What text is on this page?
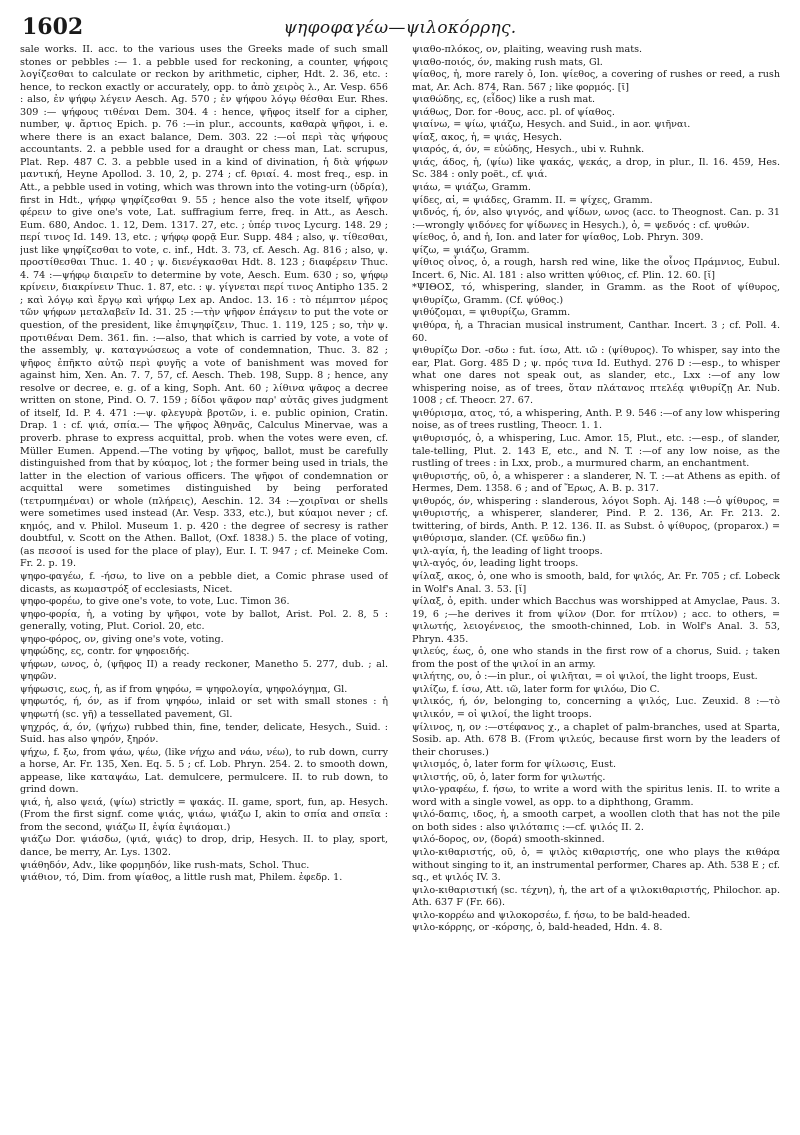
1602	ψηφοφαγέω—ψιλοκόρρης.

sale works. II. acc. to the various uses the Greeks made of such small stones or pebbles :— 1. a pebble used for reckoning, a counter, ψήφοις λογίζεσθαι to calculate or reckon by arithmetic, cipher, Hdt. 2. 36, etc. : hence, to reckon exactly or accurately, opp. to ἀπὸ χειρὸς λ., Ar. Vesp. 656 : also, ἐν ψήφῳ λέγειν Aesch. Ag. 570 ; ἐν ψήφου λόγῳ θέσθαι Eur. Rhes. 309 :— ψήφους τιθέναι Dem. 304. 4 : hence, ψῆφος itself for a cipher, number, ψ. ἄρτιος Epich. p. 76 :—in plur., accounts, καθαρὰ ψῆφοι, i. e. where there is an exact balance, Dem. 303. 22 :—οἱ περὶ τὰς ψήφους accountants. 2. a pebble used for a draught or chess man, Lat. scrupus, Plat. Rep. 487 C. 3. a pebble used in a kind of divination, ἡ διὰ ψήφων μαντική, Heyne Apollod. 3. 10, 2, p. 274 ; cf. θριαί. 4. most freq., esp. in Att., a pebble used in voting, which was thrown into the voting-urn (ὑδρία), first in Hdt., ψήφῳ ψηφίζεσθαι 9. 55 ; hence also the vote itself, ψῆφον φέρειν to give one's vote, Lat. suffragium ferre, freq. in Att., as Aesch. Eum. 680, Andoc. 1. 12, Dem. 1317. 27, etc. ; ὑπέρ τινος Lycurg. 148. 29 ; περί τινος Id. 149. 13, etc. ; ψήφῳ φορᾷ Eur. Supp. 484 ; also, ψ. τίθεσθαι, just like ψηφίζεσθαι to vote, c. inf., Hdt. 3. 73, cf. Aesch. Ag. 816 ; also, ψ. προστίθεσθαι Thuc. 1. 40 ; ψ. διενέγκασθαι Hdt. 8. 123 ; διαφέρειν Thuc. 4. 74 :—ψήφῳ διαιρεῖν to determine by vote, Aesch. Eum. 630 ; so, ψήφῳ κρίνειν, διακρίνειν Thuc. 1. 87, etc. : ψ. γίγνεται περί τινος Antipho 135. 2 ; καὶ λόγῳ καὶ ἔργῳ καὶ ψήφῳ Lex ap. Andoc. 13. 16 : τὸ πέμπτον μέρος τῶν ψήφων μεταλαβεῖν Id. 31. 25 :—τὴν ψῆφον ἐπάγειν to put the vote or question, of the president, like ἐπιψηφίζειν, Thuc. 1. 119, 125 ; so, τὴν ψ. προτιθέναι Dem. 361. fin. :—also, that which is carried by vote, a vote of the assembly, ψ. καταγνώσεως a vote of condemnation, Thuc. 3. 82 ; ψῆφος ἐπῆκτο αὐτῷ περὶ φυγῆς a vote of banishment was moved for against him, Xen. An. 7. 7, 57, cf. Aesch. Theb. 198, Supp. 8 ; hence, any resolve or decree, e. g. of a king, Soph. Ant. 60 ; λίθινα ψᾶφος a decree written on stone, Pind. O. 7. 159 ; δίδοι ψᾶφον παρ' αὐτᾶς gives judgment of itself, Id. P. 4. 471 :—ψ. φλεγυρὰ βροτῶν, i. e. public opinion, Cratin. Drap. 1 : cf. ψιά, σπία.— The ψῆφος Ἀθηνᾶς, Calculus Minervae, was a proverb. phrase to express acquittal, prob. when the votes were even, cf. Müller Eumen. Append.—The voting by ψῆφος, ballot, must be carefully distinguished from that by κύαμος, lot ; the former being used in trials, the latter in the election of various officers. The ψῆφοι of condemnation or acquittal were sometimes distinguished by being perforated (τετρυπημέναι) or whole (πλήρεις), Aeschin. 12. 34 :—χοιρῖναι or shells were sometimes used instead (Ar. Vesp. 333, etc.), but κύαμοι never ; cf. κημός, and v. Philol. Museum 1. p. 420 : the degree of secresy is rather doubtful, v. Scott on the Athen. Ballot, (Oxf. 1838.) 5. the place of voting, (as πεσσοί is used for the place of play), Eur. I. T. 947 ; cf. Meineke Com. Fr. 2. p. 19.

ψηφο-φαγέω, f. -ήσω, to live on a pebble diet, a Comic phrase used of dicasts, as κωμαστρόξ of ecclesiasts, Nicet.

ψηφο-φορέω, to give one's vote, to vote, Luc. Timon 36.

ψηφο-φορία, ἡ, a voting by ψῆφοι, vote by ballot, Arist. Pol. 2. 8, 5 : generally, voting, Plut. Coriol. 20, etc.

ψηφο-φόρος, ον, giving one's vote, voting.

ψηφώδης, ες, contr. for ψηφοειδής.

ψήφων, ωνος, ὁ, (ψῆφος II) a ready reckoner, Manetho 5. 277, dub. ; al. ψηφῶν.

ψήφωσις, εως, ἡ, as if from ψηφόω, = ψηφολογία, ψηφολόγημα, Gl.

ψηφωτός, ή, όν, as if from ψηφόω, inlaid or set with small stones : ἡ ψηφωτή (sc. γῆ) a tessellated pavement, Gl.

ψηχρός, ά, όν, (ψήχω) rubbed thin, fine, tender, delicate, Hesych., Suid. : Suid. has also ψηρόν, ξηρόν.

ψήχω, f. ξω, from ψάω, ψέω, (like νήχω and νάω, νέω), to rub down, curry a horse, Ar. Fr. 135, Xen. Eq. 5. 5 ; cf. Lob. Phryn. 254. 2. to smooth down, appease, like καταψάω, Lat. demulcere, permulcere. II. to rub down, to grind down.

ψιά, ἡ, also ψειά, (ψίω) strictly = ψακάς. II. game, sport, fun, ap. Hesych. (From the first signf. come ψιάς, ψιάω, ψιάζω I, akin to σπία and σπεῖα : from the second, ψιάζω II, ἐψία ἐψιάομαι.)

ψιάζω Dor. ψιάσδω, (ψιά, ψιάς) to drop, drip, Hesych. II. to play, sport, dance, be merry, Ar. Lys. 1302.

ψιάθηδόν, Adv., like φορμηδόν, like rush-mats, Schol. Thuc.

ψιάθιον, τό, Dim. from ψίαθος, a little rush mat, Philem. ἐφεδρ. 1.

ψιαθο-πλόκος, ον, plaiting, weaving rush mats.

ψιαθο-ποιός, όν, making rush mats, Gl.

ψίαθος, ἡ, more rarely ὁ, Ion. ψίεθος, a covering of rushes or reed, a rush mat, Ar. Ach. 874, Ran. 567 ; like φορμός. [ῑ]

ψιαθώδης, ες, (εἶδος) like a rush mat.

ψιάθως, Dor. for -θους, acc. pl. of ψίαθος.

ψιαίνω, = ψίω, ψιάζω, Hesych. and Suid., in aor. ψιῆναι.

ψίαξ, ακος, ἡ, = ψιάς, Hesych.

ψιαρός, ά, όν, = εὐώδης, Hesych., ubi v. Ruhnk.

ψιάς, άδος, ἡ, (ψίω) like ψακάς, ψεκάς, a drop, in plur., Il. 16. 459, Hes. Sc. 384 : only poët., cf. ψιά.

ψιάω, = ψιάζω, Gramm.

ψίδες, αἱ, = ψιάδες, Gramm. II. = ψίχες, Gramm.

ψιδνός, ή, όν, also ψιγνός, and ψίδων, ωνος (acc. to Theognost. Can. p. 31 :—wrongly ψιδόνες for ψίδωνες in Hesych.), ὁ, = ψεδνός : cf. ψυθών.

ψίεθος, ὁ, and ἡ, Ion. and later for ψίαθος, Lob. Phryn. 309.

ψίζω, = ψιάζω, Gramm.

ψίθιος οἶνος, ὁ, a rough, harsh red wine, like the οἶνος Πράμνιος, Eubul. Incert. 6, Nic. Al. 181 : also written ψύθιος, cf. Plin. 12. 60. [ῐ]

*ΨΙΘΟΣ, τό, whispering, slander, in Gramm. as the Root of ψίθυρος, ψιθυρίζω, Gramm. (Cf. ψύθος.)

ψιθύζομαι, = ψιθυρίζω, Gramm.

ψιθύρα, ἡ, a Thracian musical instrument, Canthar. Incert. 3 ; cf. Poll. 4. 60.

ψιθυρίζω Dor. -σδω : fut. ίσω, Att. ιῶ : (ψίθυρος). To whisper, say into the ear, Plat. Gorg. 485 D ; ψ. πρός τινα Id. Euthyd. 276 D :—esp., to whisper what one dares not speak out, as slander, etc., Lxx :—of any low whispering noise, as of trees, ὅταν πλάτανος πτελέᾳ ψιθυρίζῃ Ar. Nub. 1008 ; cf. Theocr. 27. 67.

ψιθύρισμα, ατος, τό, a whispering, Anth. P. 9. 546 :—of any low whispering noise, as of trees rustling, Theocr. 1. 1.

ψιθυρισμός, ὁ, a whispering, Luc. Amor. 15, Plut., etc. :—esp., of slander, tale-telling, Plut. 2. 143 E, etc., and N. T. :—of any low noise, as the rustling of trees : in Lxx, prob., a murmured charm, an enchantment.

ψιθυριστής, οῦ, ὁ, a whisperer : a slanderer, N. T. :—at Athens as epith. of Hermes, Dem. 1358. 6 ; and of Ἔρως, A. B. p. 317.

ψιθυρός, όν, whispering : slanderous, λόγοι Soph. Aj. 148 :—ὁ ψίθυρος, = ψιθυριστής, a whisperer, slanderer, Pind. P. 2. 136, Ar. Fr. 213. 2. twittering, of birds, Anth. P. 12. 136. II. as Subst. ὁ ψίθυρος, (proparox.) = ψιθύρισμα, slander. (Cf. ψεῦδω fin.)

ψιλ-αγία, ἡ, the leading of light troops.

ψιλ-αγός, όν, leading light troops.

ψίλαξ, ακος, ὁ, one who is smooth, bald, for ψιλός, Ar. Fr. 705 ; cf. Lobeck in Wolf's Anal. 3. 53. [ῐ]

ψίλαξ, ὁ, epith. under which Bacchus was worshipped at Amyclae, Paus. 3. 19, 6 ;—he derives it from ψίλον (Dor. for πτίλον) ; acc. to others, = ψιλωτής, λειογένειος, the smooth-chinned, Lob. in Wolf's Anal. 3. 53, Phryn. 435.

ψιλεύς, έως, ὁ, one who stands in the first row of a chorus, Suid. ; taken from the post of the ψιλοί in an army.

ψιλήτης, ου, ὁ :—in plur., οἱ ψιλῆται, = οἱ ψιλοί, the light troops, Eust.

ψιλίζω, f. ίσω, Att. ιῶ, later form for ψιλόω, Dio C.

ψιλικός, ή, όν, belonging to, concerning a ψιλός, Luc. Zeuxid. 8 :—τὸ ψιλικόν, = οἱ ψιλοί, the light troops.

ψίλινος, η, ον :—στέφανος χ., a chaplet of palm-branches, used at Sparta, Sosib. ap. Ath. 678 B. (From ψιλεύς, because first worn by the leaders of their choruses.)

ψιλισμός, ὁ, later form for ψίλωσις, Eust.

ψιλιστής, οῦ, ὁ, later form for ψιλωτής.

ψιλο-γραφέω, f. ήσω, to write a word with the spiritus lenis. II. to write a word with a single vowel, as opp. to a diphthong, Gramm.

ψιλό-δαπις, ιδος, ἡ, a smooth carpet, a woollen cloth that has not the pile on both sides : also ψιλόταπις :—cf. ψιλός II. 2.

ψιλό-δορος, ον, (δορά) smooth-skinned.

ψιλο-κιθαριστής, οῦ, ὁ, = ψιλὸς κιθαριστής, one who plays the κιθάρα without singing to it, an instrumental performer, Chares ap. Ath. 538 E ; cf. sq., et ψιλός IV. 3.

ψιλο-κιθαριστική (sc. τέχνη), ἡ, the art of a ψιλοκιθαριστής, Philochor. ap. Ath. 637 F (Fr. 66).

ψιλο-κορρέω and ψιλοκορσέω, f. ήσω, to be bald-headed.

ψιλο-κόρρης, or -κόρσης, ὁ, bald-headed, Hdn. 4. 8.
